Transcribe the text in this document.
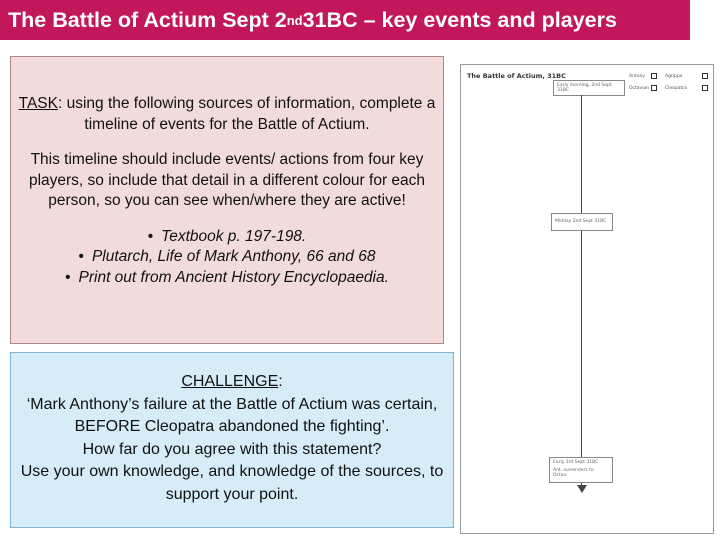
The Battle of Actium Sept 2 nd 31BC – key events and players

TASK: using the following sources of information, complete a timeline of events for the Battle of Actium.

This timeline should include events/ actions from four key players, so include that detail in a different colour for each person, so you can see when/where they are active!

• Textbook p. 197-198.
• Plutarch, Life of Mark Anthony, 66 and 68
• Print out from Ancient History Encyclopaedia.

CHALLENGE:

‘Mark Anthony’s failure at the Battle of Actium was certain, BEFORE Cleopatra abandoned the fighting’.

How far do you agree with this statement?

Use your own knowledge, and knowledge of the sources, to support your point.

The Battle of Actium, 31BC
Early morning, 2nd Sept 31BC
Antony	Agrippa
Octavian	Cleopatra
Midday 2nd Sept 31BC
Early 3rd Sept 31BC
Ant. surrenders to Octav.
